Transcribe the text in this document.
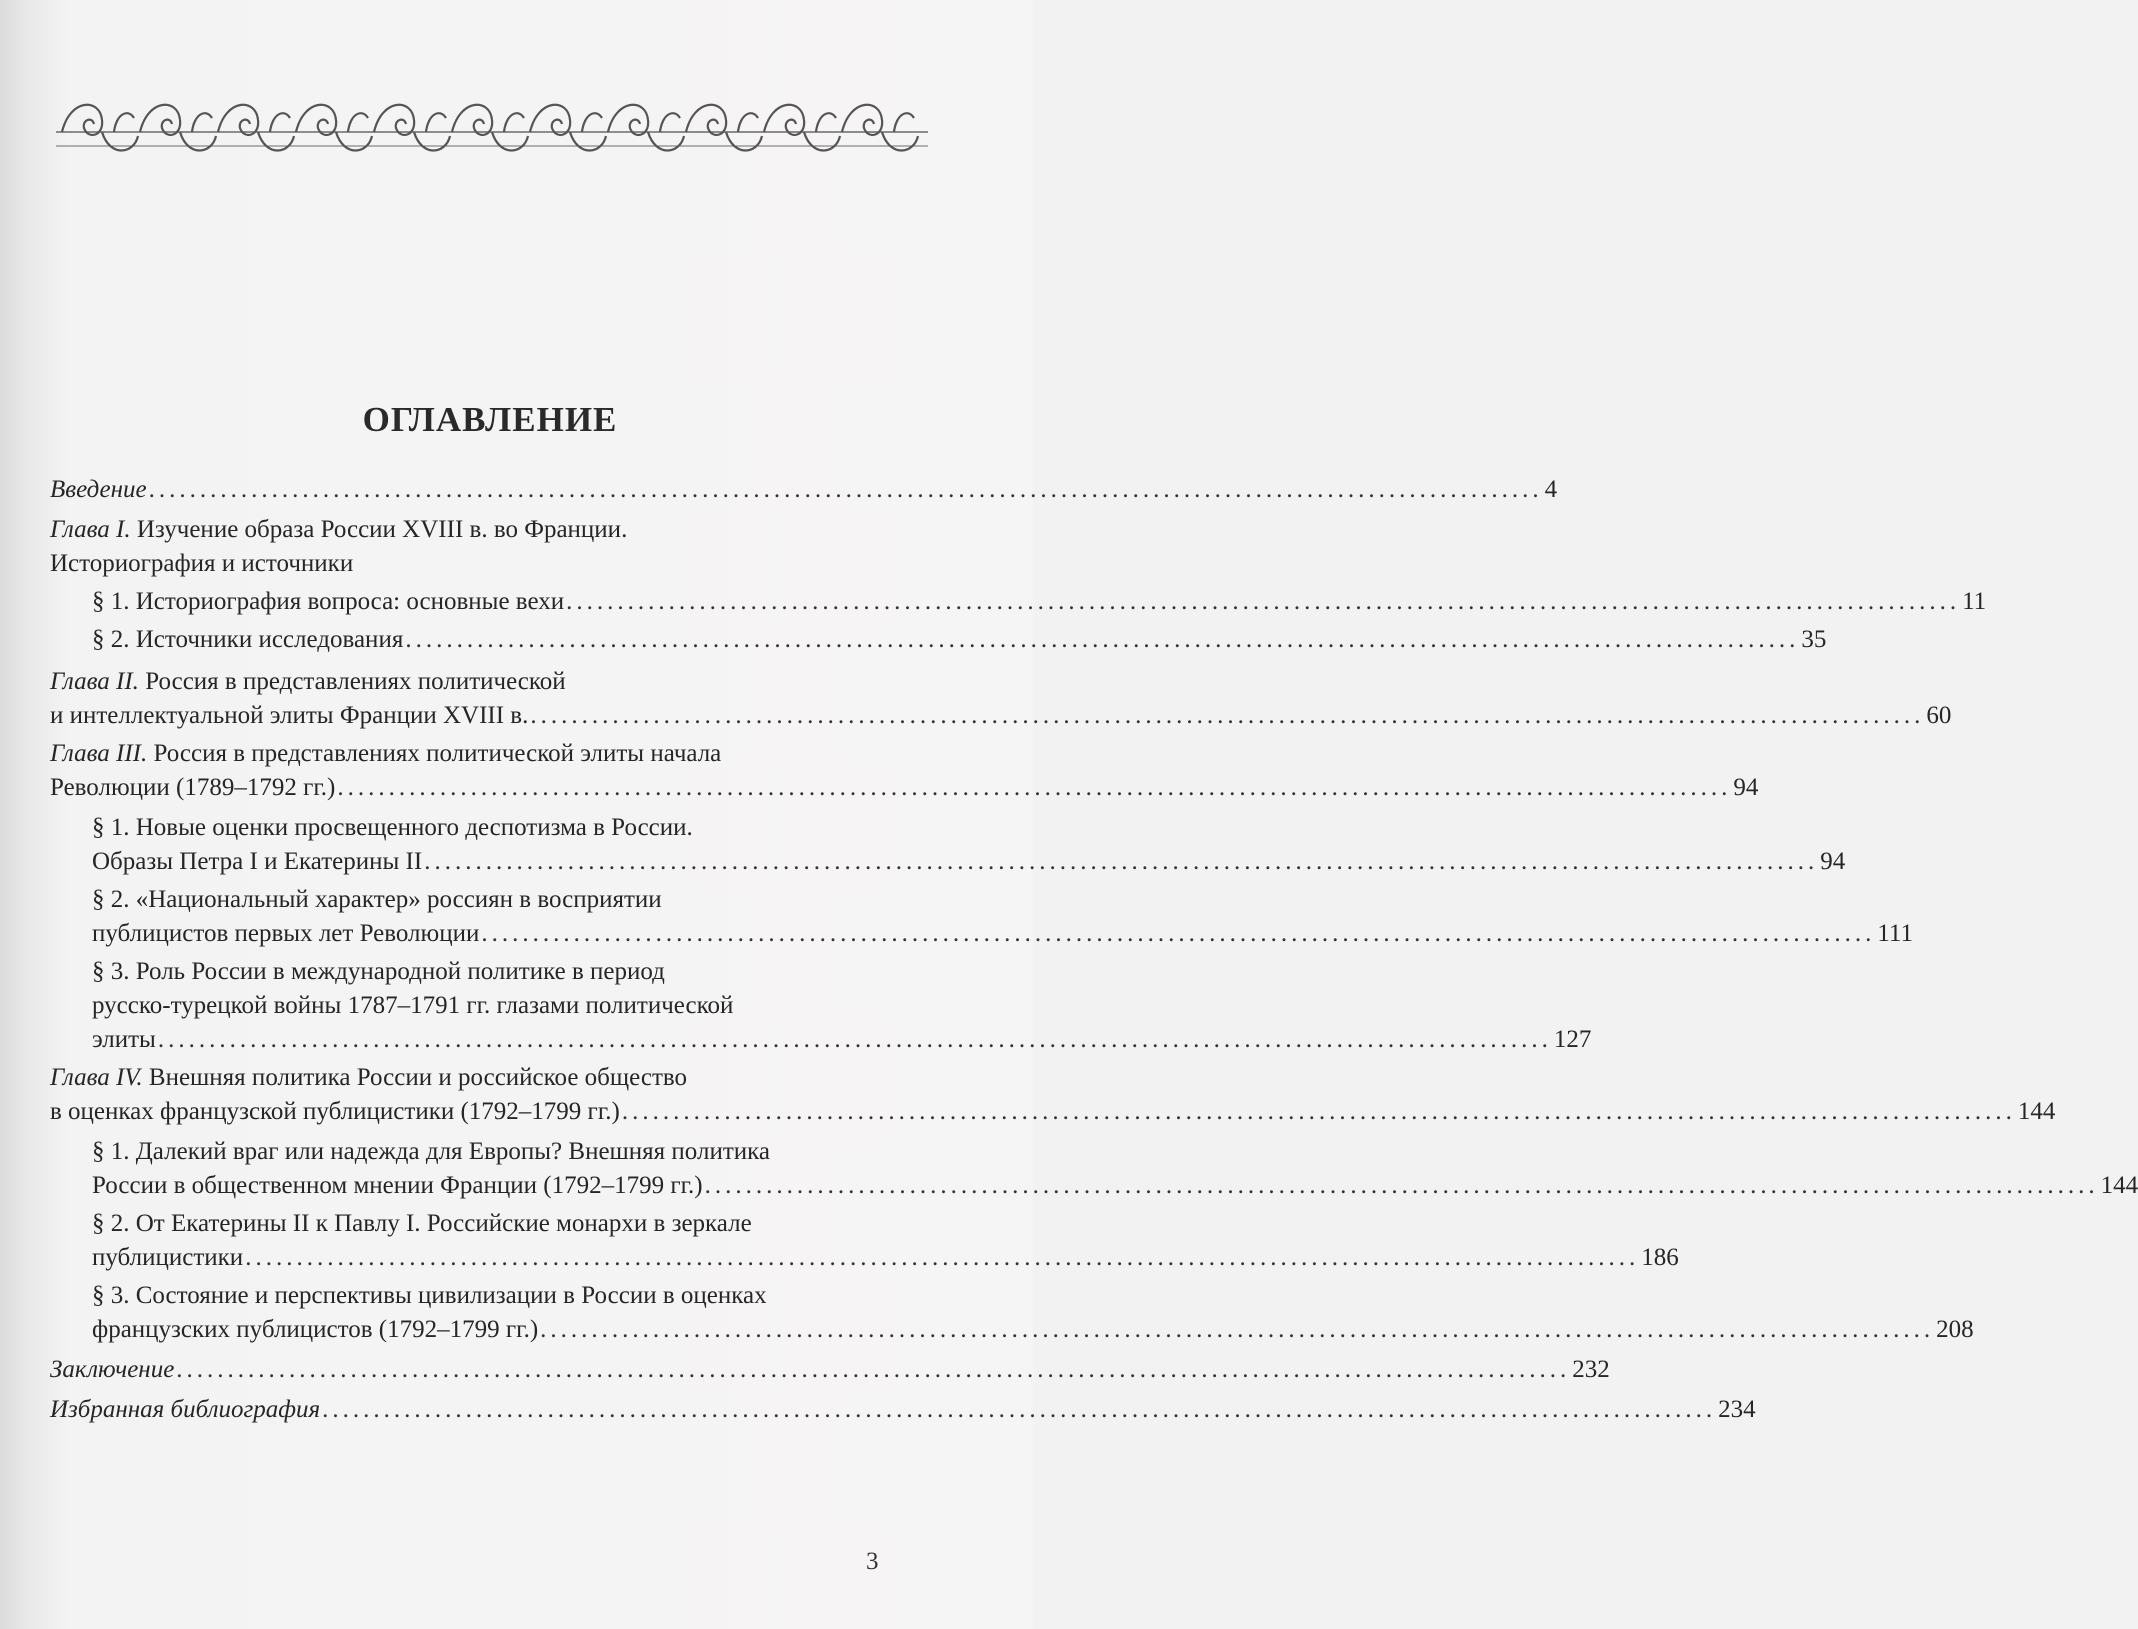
ОГЛАВЛЕНИЕ
Введение ........................................................................................................................................ 4
Глава I. Изучение образа России XVIII в. во Франции.
Историография и источники
§ 1. Историография вопроса: основные вехи ........................................................................................................................................ 11
§ 2. Источники исследования ........................................................................................................................................ 35
Глава II. Россия в представлениях политической
и интеллектуальной элиты Франции XVIII в. ........................................................................................................................................ 60
Глава III. Россия в представлениях политической элиты начала
Революции (1789–1792 гг.) ........................................................................................................................................ 94
§ 1. Новые оценки просвещенного деспотизма в России.
Образы Петра I и Екатерины II ........................................................................................................................................ 94
§ 2. «Национальный характер» россиян в восприятии
публицистов первых лет Революции ........................................................................................................................................ 111
§ 3. Роль России в международной политике в период
русско-турецкой войны 1787–1791 гг. глазами политической
элиты ........................................................................................................................................ 127
Глава IV. Внешняя политика России и российское общество
в оценках французской публицистики (1792–1799 гг.) ........................................................................................................................................ 144
§ 1. Далекий враг или надежда для Европы? Внешняя политика
России в общественном мнении Франции (1792–1799 гг.) ........................................................................................................................................ 144
§ 2. От Екатерины II к Павлу I. Российские монархи в зеркале
публицистики ........................................................................................................................................ 186
§ 3. Состояние и перспективы цивилизации в России в оценках
французских публицистов (1792–1799 гг.) ........................................................................................................................................ 208
Заключение ........................................................................................................................................ 232
Избранная библиография ........................................................................................................................................ 234
3
